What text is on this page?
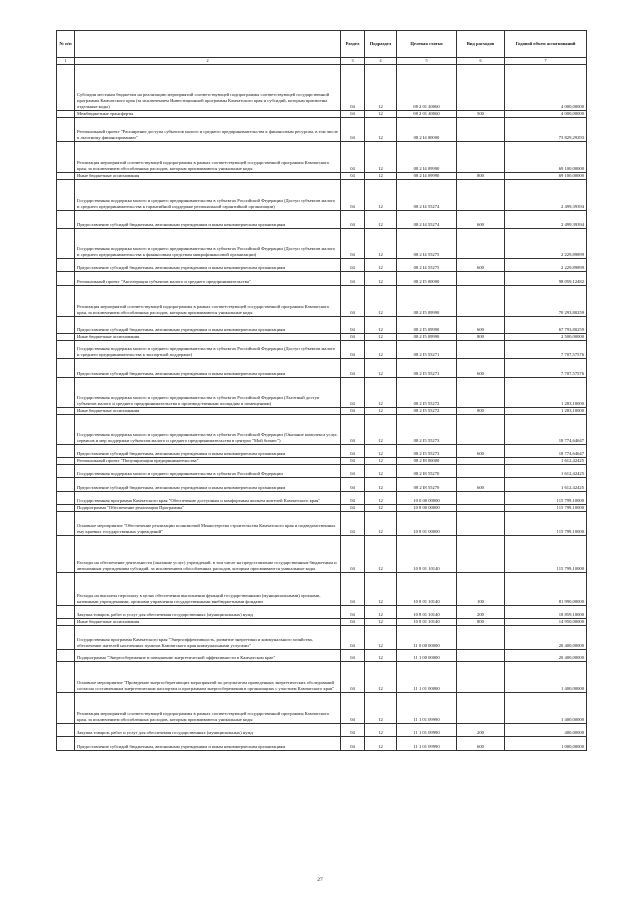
№ п/п		Раздел	Подраздел	Целевая статья	Вид расходов	Годовой объем ассигнований
1	2	3	4	5	6	7
	Субсидии местным бюджетам на реализацию мероприятий соответствующей подпрограммы соответствующей государственной программы Камчатского края (за исключением Инвестиционной программы Камчатского края и субсидий, которым присвоены отдельные коды)	04	12	08 2 01 40060		4 000,00000
	Межбюджетные трансферты	04	12	08 2 01 40060	500	4 000,00000
	Региональный проект "Расширение доступа субъектов малого и среднего предпринимательства к финансовым ресурсам, в том числе к льготному финансированию"	04	12	08 2 I4 00000		73 829,29293
	Реализация мероприятий соответствующей подпрограммы в рамках соответствующей государственной программы Камчатского края, за исключением обособленных расходов, которым присваиваются уникальные коды	04	12	08 2 I4 09990		69 100,00000
	Иные бюджетные ассигнования	04	12	08 2 I4 09990	800	69 100,00000
	Государственная поддержка малого и среднего предпринимательства в субъектах Российской Федерации (Доступ субъектов малого и среднего предпринимательства к гарантийной поддержке региональной гарантийной организации)	04	12	08 2 I4 55274		2 499,39394
	Предоставление субсидий бюджетным, автономным учреждениям и иным некоммерческим организациям	04	12	08 2 I4 55274	600	2 499,39394
	Государственная поддержка малого и среднего предпринимательства в субъектах Российской Федерации (Доступ субъектов малого и среднего предпринимательства к финансовым средствам микрофинансовой организации)	04	12	08 2 I4 55275		2 229,89899
	Предоставление субсидий бюджетным, автономным учреждениям и иным некоммерческим организациям	04	12	08 2 I4 55275	600	2 229,89899
	Региональный проект "Акселерация субъектов малого и среднего предпринимательства"	04	12	08 2 I5 00000		98 059,12482
	Реализация мероприятий соответствующей подпрограммы в рамках соответствующей государственной программы Камчатского края, за исключением обособленных расходов, которым присваиваются уникальные коды	04	12	08 2 I5 09990		70 293,80259
	Предоставление субсидий бюджетным, автономным учреждениям и иным некоммерческим организациям	04	12	08 2 I5 09990	600	67 793,80259
	Иные бюджетные ассигнования	04	12	08 2 I5 09990	800	2 500,00000
	Государственная поддержка малого и среднего предпринимательства в субъектах Российской Федерации (Доступ субъектов малого и среднего предпринимательства к экспортной поддержке)	04	12	08 2 I5 55271		7 707,57576
	Предоставление субсидий бюджетным, автономным учреждениям и иным некоммерческим организациям	04	12	08 2 I5 55271	600	7 707,57576
	Государственная поддержка малого и среднего предпринимательства в субъектах Российской Федерации (Льготный доступ субъектов малого и среднего предпринимательства к производственным площадям и помещениям)	04	12	08 2 I5 55272		1 283,10000
	Иные бюджетные ассигнования	04	12	08 2 I5 55272	800	1 283,10000
	Государственная поддержка малого и среднего предпринимательства в субъектах Российской Федерации (Оказание комплекса услуг, сервисов и мер поддержки субъектам малого и среднего предпринимательства в центрах "Мой бизнес")	04	12	08 2 I5 55273		18 774,64647
	Предоставление субсидий бюджетным, автономным учреждениям и иным некоммерческим организациям	04	12	08 2 I5 55273	600	18 774,64647
	Региональный проект "Популяризация предпринимательства"	04	12	08 2 I8 00000		1 612,42425
	Государственная поддержка малого и среднего предпринимательства в субъектах Российской Федерации	04	12	08 2 I8 55270		1 612,42425
	Предоставление субсидий бюджетным, автономным учреждениям и иным некоммерческим организациям	04	12	08 2 I8 55270	600	1 612,42425
	Государственная программа Камчатского края "Обеспечение доступным и комфортным жильем жителей Камчатского края"	04	12	10 0 00 00000		115 799,10000
	Подпрограмма "Обеспечение реализации Программы"	04	12	10 8 00 00000		115 799,10000
	Основное мероприятие "Обеспечение реализации полномочий Министерства строительства Камчатского края и подведомственных ему краевых государственных учреждений"	04	12	10 8 01 00000		115 799,10000
	Расходы на обеспечение деятельности (оказание услуг) учреждений, в том числе на предоставление государственным бюджетным и автономным учреждениям субсидий, за исключением обособленных расходов, которым присваиваются уникальные коды	04	12	10 8 01 10140		115 799,10000
	Расходы на выплаты персоналу в целях обеспечения выполнения функций государственными (муниципальными) органами, казенными учреждениями, органами управления государственными внебюджетными фондами	04	12	10 8 01 10140	100	81 990,00000
	Закупка товаров, работ и услуг для обеспечения государственных (муниципальных) нужд	04	12	10 8 01 10140	200	18 859,10000
	Иные бюджетные ассигнования	04	12	10 8 01 10140	800	14 950,00000
	Государственная программа Камчатского края "Энергоэффективность, развитие энергетики и коммунального хозяйства, обеспечение жителей населенных пунктов Камчатского края коммунальными услугами"	04	12	11 0 00 00000		20 400,00000
	Подпрограмма "Энергосбережение и повышение энергетической эффективности в Камчатском крае"	04	12	11 1 00 00000		20 400,00000
	Основное мероприятие "Проведение энергосберегающих мероприятий по результатам проведенных энергетических обследований согласно составленным энергетическим паспортам и программам энергосбережения в организациях с участием Камчатского края"	04	12	11 1 01 00000		1 400,00000
	Реализация мероприятий соответствующей подпрограммы в рамках соответствующей государственной программы Камчатского края, за исключением обособленных расходов, которым присваиваются уникальные коды	04	12	11 1 01 09990		1 400,00000
	Закупка товаров, работ и услуг для обеспечения государственных (муниципальных) нужд	04	12	11 1 01 09990	200	400,00000
	Предоставление субсидий бюджетным, автономным учреждениям и иным некоммерческим организациям	04	12	11 1 01 09990	600	1 000,00000
27
